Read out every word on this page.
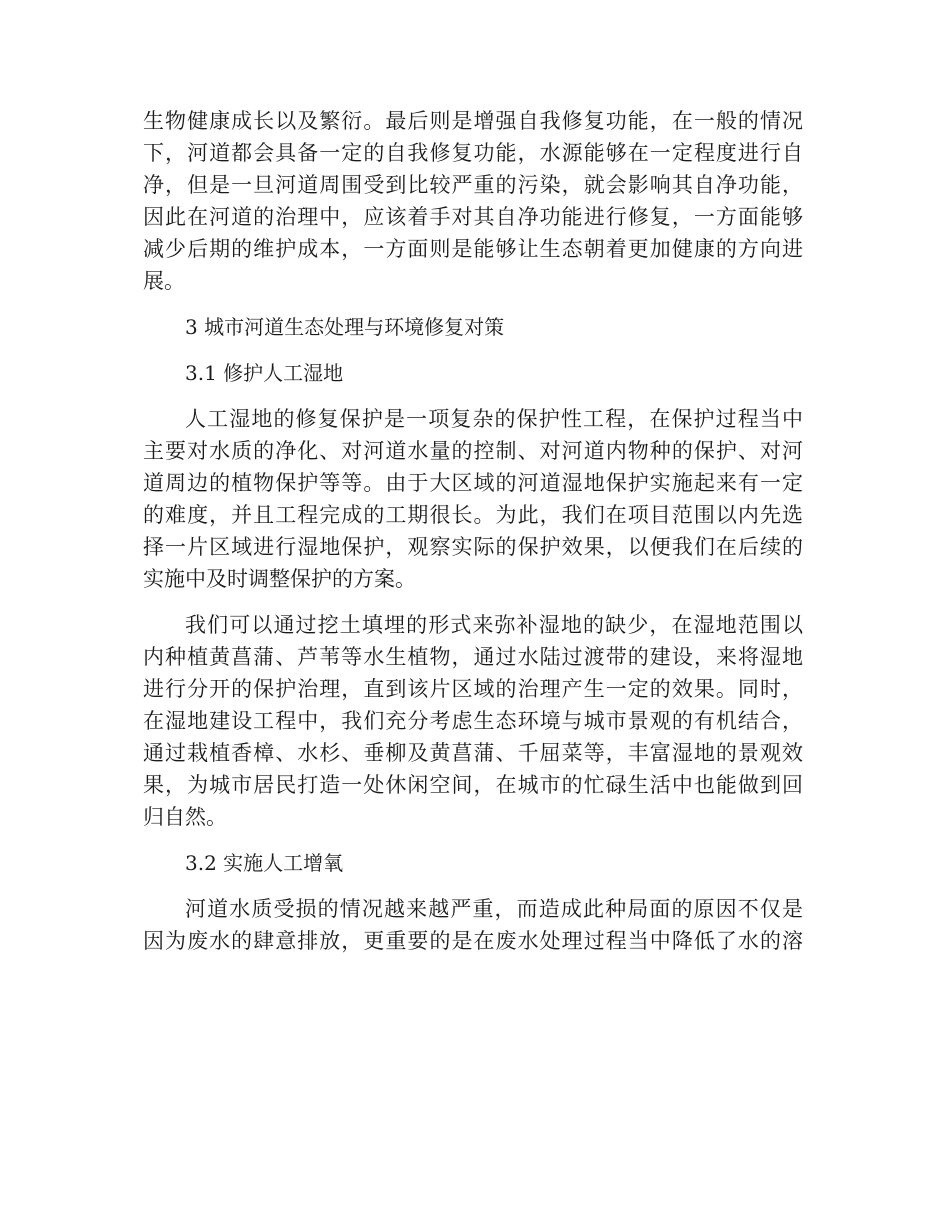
生物健康成长以及繁衍。最后则是增强自我修复功能，在一般的情况
下，河道都会具备一定的自我修复功能，水源能够在一定程度进行自
净，但是一旦河道周围受到比较严重的污染，就会影响其自净功能，
因此在河道的治理中，应该着手对其自净功能进行修复，一方面能够
减少后期的维护成本，一方面则是能够让生态朝着更加健康的方向进
展。
3 城市河道生态处理与环境修复对策
3.1 修护人工湿地
人工湿地的修复保护是一项复杂的保护性工程，在保护过程当中
主要对水质的净化、对河道水量的控制、对河道内物种的保护、对河
道周边的植物保护等等。由于大区域的河道湿地保护实施起来有一定
的难度，并且工程完成的工期很长。为此，我们在项目范围以内先选
择一片区域进行湿地保护，观察实际的保护效果，以便我们在后续的
实施中及时调整保护的方案。
我们可以通过挖土填埋的形式来弥补湿地的缺少，在湿地范围以
内种植黄菖蒲、芦苇等水生植物，通过水陆过渡带的建设，来将湿地
进行分开的保护治理，直到该片区域的治理产生一定的效果。同时，
在湿地建设工程中，我们充分考虑生态环境与城市景观的有机结合，
通过栽植香樟、水杉、垂柳及黄菖蒲、千屈菜等，丰富湿地的景观效
果，为城市居民打造一处休闲空间，在城市的忙碌生活中也能做到回
归自然。
3.2 实施人工增氧
河道水质受损的情况越来越严重，而造成此种局面的原因不仅是
因为废水的肆意排放，更重要的是在废水处理过程当中降低了水的溶
